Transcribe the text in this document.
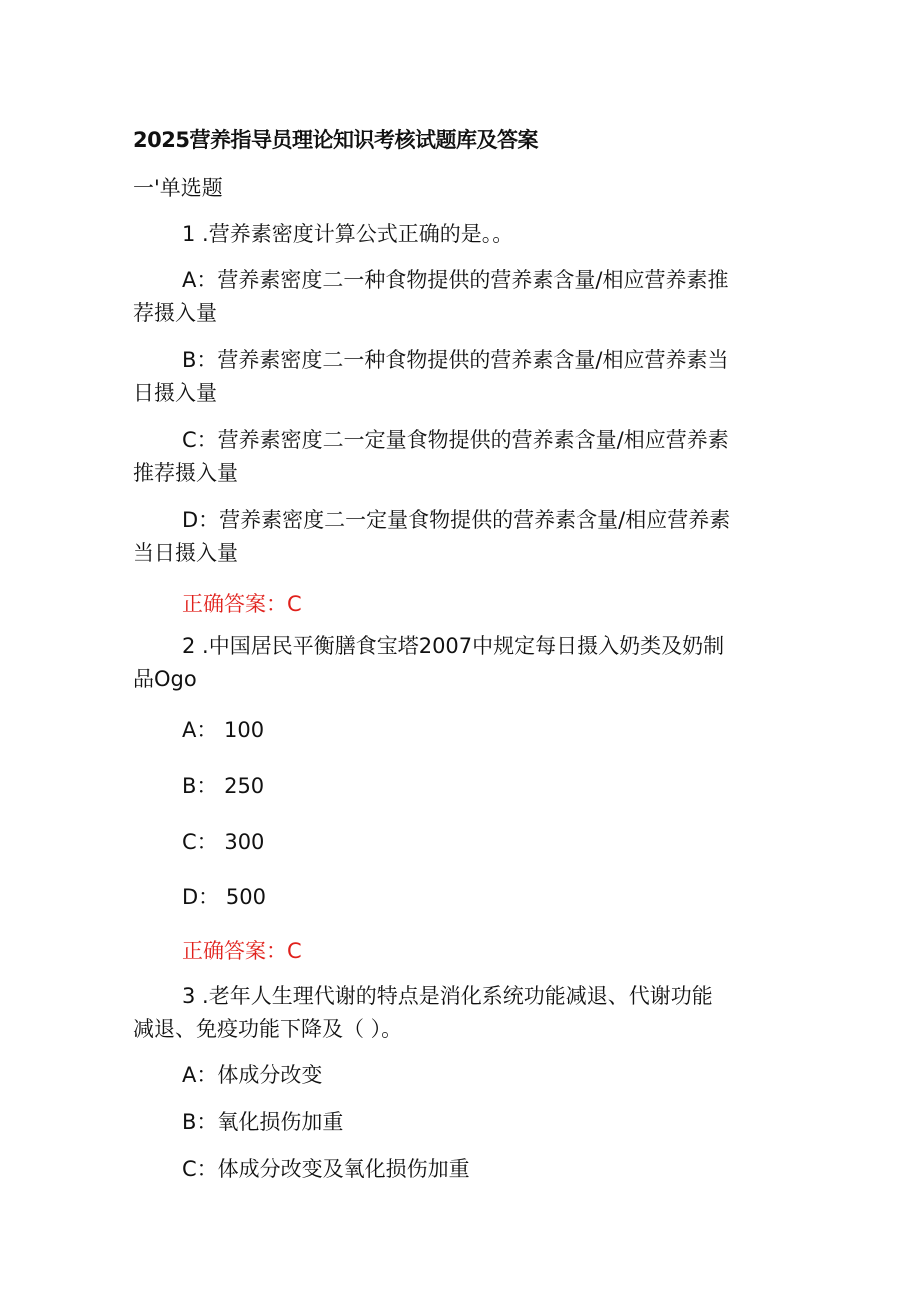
2025营养指导员理论知识考核试题库及答案
一'单选题
1 .营养素密度计算公式正确的是。。
A：营养素密度二一种食物提供的营养素含量/相应营养素推
荐摄入量
B：营养素密度二一种食物提供的营养素含量/相应营养素当
日摄入量
C：营养素密度二一定量食物提供的营养素含量/相应营养素
推荐摄入量
D：营养素密度二一定量食物提供的营养素含量/相应营养素
当日摄入量
正确答案：C
2 .中国居民平衡膳食宝塔2007中规定每日摄入奶类及奶制
品Ogo
A： 100
B： 250
C： 300
D： 500
正确答案：C
3 .老年人生理代谢的特点是消化系统功能减退、代谢功能
减退、免疫功能下降及（ ）。
A：体成分改变
B：氧化损伤加重
C：体成分改变及氧化损伤加重
